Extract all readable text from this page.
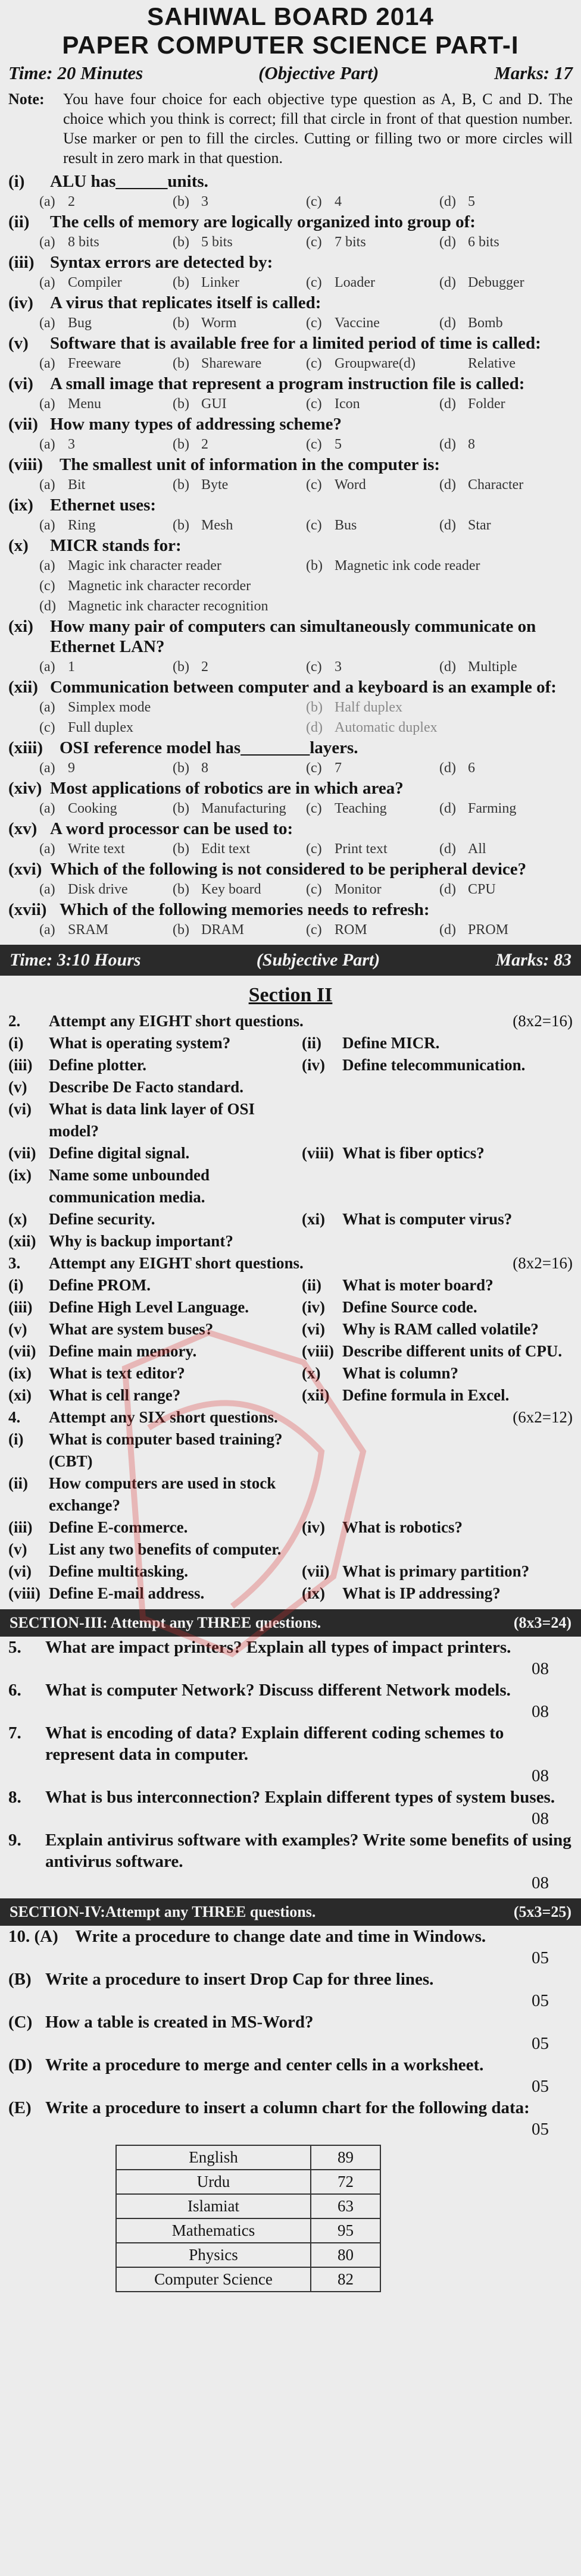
SAHIWAL BOARD 2014
PAPER COMPUTER SCIENCE PART-I
Time: 20 Minutes	(Objective Part)	Marks: 17
Note:	You have four choice for each objective type question as A, B, C and D. The choice which you think is correct; fill that circle in front of that question number. Use marker or pen to fill the circles. Cutting or filling two or more circles will result in zero mark in that question.
(i)	ALU has______units.
(a) 2	(b) 3	(c) 4	(d) 5
(ii)	The cells of memory are logically organized into group of:
(a) 8 bits	(b) 5 bits	(c) 7 bits	(d) 6 bits
(iii) Syntax errors are detected by:
(a) Compiler	(b) Linker	(c) Loader	(d) Debugger
(iv) A virus that replicates itself is called:
(a) Bug	(b) Worm	(c) Vaccine	(d) Bomb
(v)	Software that is available free for a limited period of time is called:
(a) Freeware	(b) Shareware	(c) Groupware(d)	Relative
(vi) A small image that represent a program instruction file is called:
(a) Menu	(b) GUI	(c) Icon	(d) Folder
(vii) How many types of addressing scheme?
(a) 3	(b) 2	(c) 5	(d) 8
(viii) The smallest unit of information in the computer is:
(a) Bit	(b) Byte	(c) Word	(d) Character
(ix) Ethernet uses:
(a) Ring	(b) Mesh	(c) Bus	(d) Star
(x)	MICR stands for:
(a) Magic ink character reader	(b) Magnetic ink code reader
(c) Magnetic ink character recorder
(d) Magnetic ink character recognition
(xi) How many pair of computers can simultaneously communicate on Ethernet LAN?
(a) 1	(b) 2	(c) 3	(d) Multiple
(xii) Communication between computer and a keyboard is an example of:
(a) Simplex mode	(b) Half duplex
(c) Full duplex	(d) Automatic duplex
(xiii) OSI reference model has________layers.
(a) 9	(b) 8	(c) 7	(d) 6
(xiv) Most applications of robotics are in which area?
(a) Cooking	(b) Manufacturing (c) Teaching	(d) Farming
(xv) A word processor can be used to:
(a) Write text	(b) Edit text	(c) Print text	(d) All
(xvi) Which of the following is not considered to be peripheral device?
(a) Disk drive	(b) Key board	(c) Monitor	(d) CPU
(xvii) Which of the following memories needs to refresh:
(a) SRAM	(b) DRAM	(c) ROM	(d) PROM
Time: 3:10 Hours	(Subjective Part)	Marks: 83
Section II
2.	Attempt any EIGHT short questions.	(8x2=16)
(i)	What is operating system?	(ii)	Define MICR.
(iii)	Define plotter.	(iv)	Define telecommunication.
(v)	Describe De Facto standard.
(vi)	What is data link layer of OSI model?
(vii) Define digital signal.	(viii) What is fiber optics?
(ix)	Name some unbounded communication media.
(x)	Define security.	(xi)	What is computer virus?
(xii) Why is backup important?
3.	Attempt any EIGHT short questions.	(8x2=16)
(i)	Define PROM.	(ii)	What is moter board?
(iii)	Define High Level Language.	(iv)	Define Source code.
(v)	What are system buses?	(vi)	Why is RAM called volatile?
(vii) Define main memory.	(viii) Describe different units of CPU.
(ix)	What is text editor?	(x)	What is column?
(xi)	What is cell range?	(xii) Define formula in Excel.
4.	Attempt any SIX short questions.	(6x2=12)
(i)	What is computer based training? (CBT)
(ii)	How computers are used in stock exchange?
(iii)	Define E-commerce.	(iv)	What is robotics?
(v)	List any two benefits of computer.
(vi)	Define multitasking.	(vii) What is primary partition?
(viii) Define E-mail address.	(ix)	What is IP addressing?
SECTION-III: Attempt any THREE questions.	(8x3=24)
5.	What are impact printers? Explain all types of impact printers.
08
6.	What is computer Network? Discuss different Network models.
08
7.	What is encoding of data? Explain different coding schemes to represent data in computer.
08
8.	What is bus interconnection? Explain different types of system buses.
08
9.	Explain antivirus software with examples? Write some benefits of using antivirus software.
08
SECTION-IV:Attempt any THREE questions.	(5x3=25)
10. (A) Write a procedure to change date and time in Windows.
05
(B) Write a procedure to insert Drop Cap for three lines.
05
(C) How a table is created in MS-Word?
05
(D) Write a procedure to merge and center cells in a worksheet.
05
(E) Write a procedure to insert a column chart for the following data:
05
English	89
Urdu	72
Islamiat	63
Mathematics	95
Physics	80
Computer Science	82
